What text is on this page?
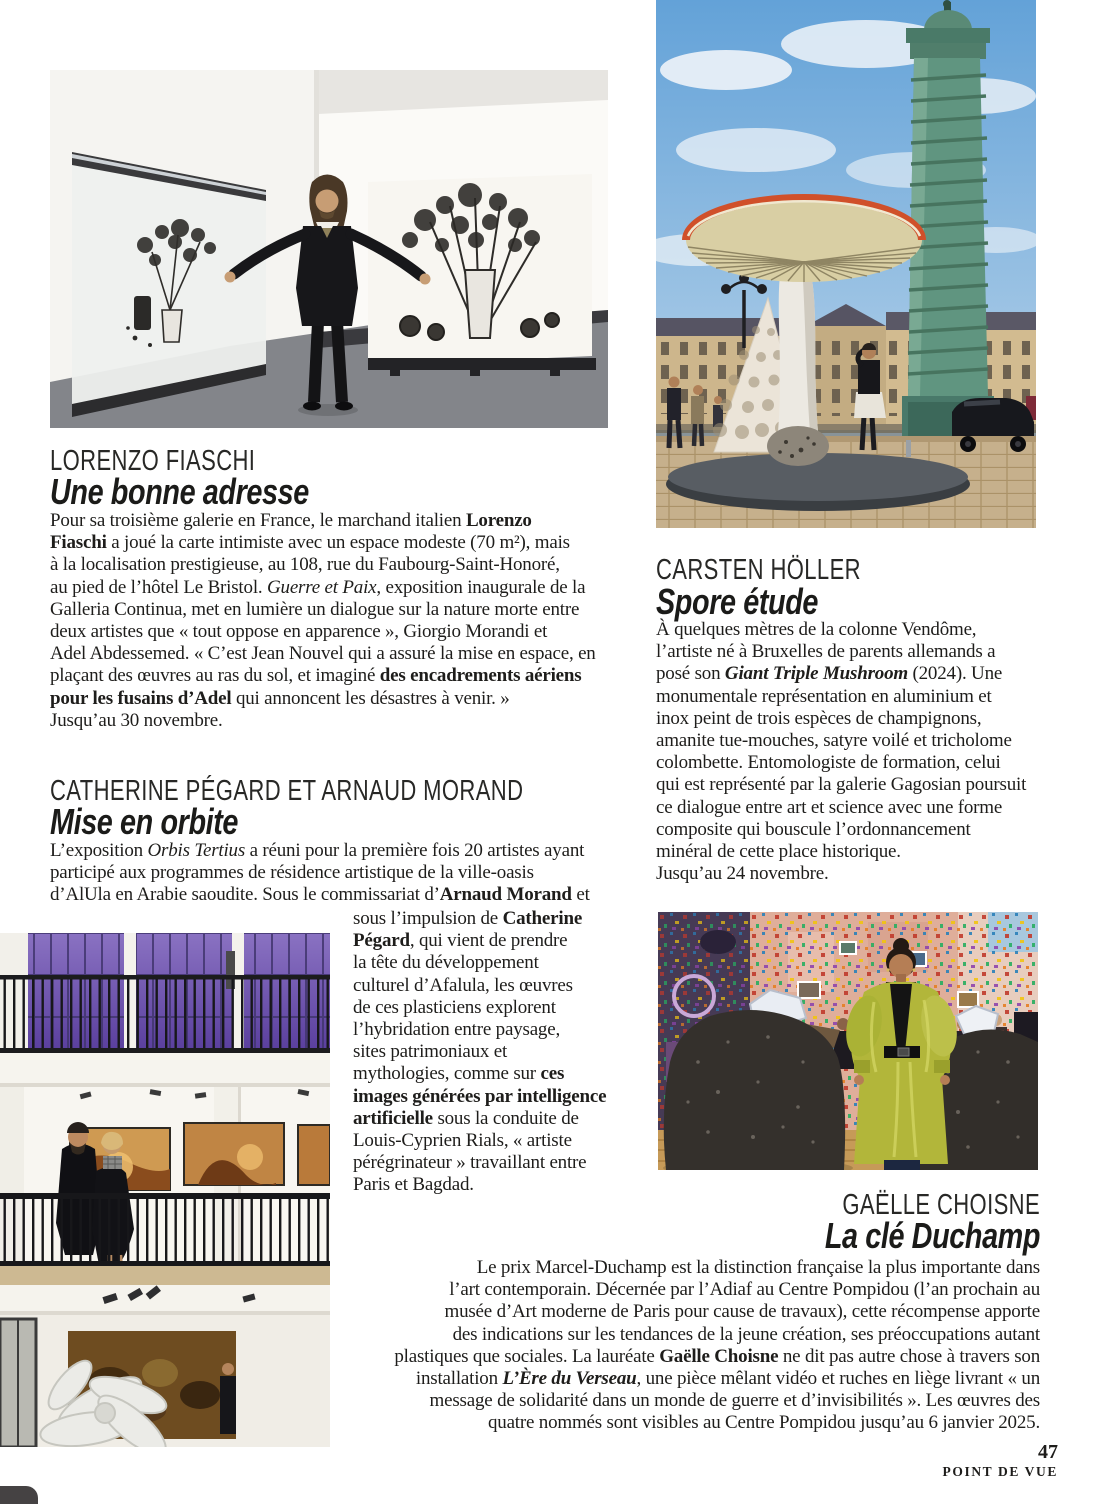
LORENZO FIASCHI
Une bonne adresse

Pour sa troisième galerie en France, le marchand italien Lorenzo

Fiaschi a joué la carte intimiste avec un espace modeste (70 m²), mais

à la localisation prestigieuse, au 108, rue du Faubourg-Saint-Honoré,

au pied de l’hôtel Le Bristol. Guerre et Paix, exposition inaugurale de la

Galleria Continua, met en lumière un dialogue sur la nature morte entre

deux artistes que « tout oppose en apparence », Giorgio Morandi et

Adel Abdessemed. « C’est Jean Nouvel qui a assuré la mise en espace, en

plaçant des œuvres au ras du sol, et imaginé des encadrements aériens

pour les fusains d’Adel qui annoncent les désastres à venir. »

Jusqu’au 30 novembre.

CATHERINE PÉGARD ET ARNAUD MORAND
Mise en orbite

L’exposition Orbis Tertius a réuni pour la première fois 20 artistes ayant

participé aux programmes de résidence artistique de la ville-oasis

d’AlUla en Arabie saoudite. Sous le commissariat d’Arnaud Morand et

sous l’impulsion de Catherine

Pégard, qui vient de prendre

la tête du développement

culturel d’Afalula, les œuvres

de ces plasticiens explorent

l’hybridation entre paysage,

sites patrimoniaux et

mythologies, comme sur ces

images générées par intelligence

artificielle sous la conduite de

Louis-Cyprien Rials, « artiste

pérégrinateur » travaillant entre

Paris et Bagdad.

CARSTEN HÖLLER
Spore étude

À quelques mètres de la colonne Vendôme,

l’artiste né à Bruxelles de parents allemands a

posé son Giant Triple Mushroom (2024). Une

monumentale représentation en aluminium et

inox peint de trois espèces de champignons,

amanite tue-mouches, satyre voilé et tricholome

colombette. Entomologiste de formation, celui

qui est représenté par la galerie Gagosian poursuit

ce dialogue entre art et science avec une forme

composite qui bouscule l’ordonnancement

minéral de cette place historique.

Jusqu’au 24 novembre.

GAËLLE CHOISNE
La clé Duchamp

Le prix Marcel-Duchamp est la distinction française la plus importante dans

l’art contemporain. Décernée par l’Adiaf au Centre Pompidou (l’an prochain au

musée d’Art moderne de Paris pour cause de travaux), cette récompense apporte

des indications sur les tendances de la jeune création, ses préoccupations autant

plastiques que sociales. La lauréate Gaëlle Choisne ne dit pas autre chose à travers son

installation L’Ère du Verseau, une pièce mêlant vidéo et ruches en liège livrant « un

message de solidarité dans un monde de guerre et d’invisibilités ». Les œuvres des

quatre nommés sont visibles au Centre Pompidou jusqu’au 6 janvier 2025.

47

POINT DE VUE
